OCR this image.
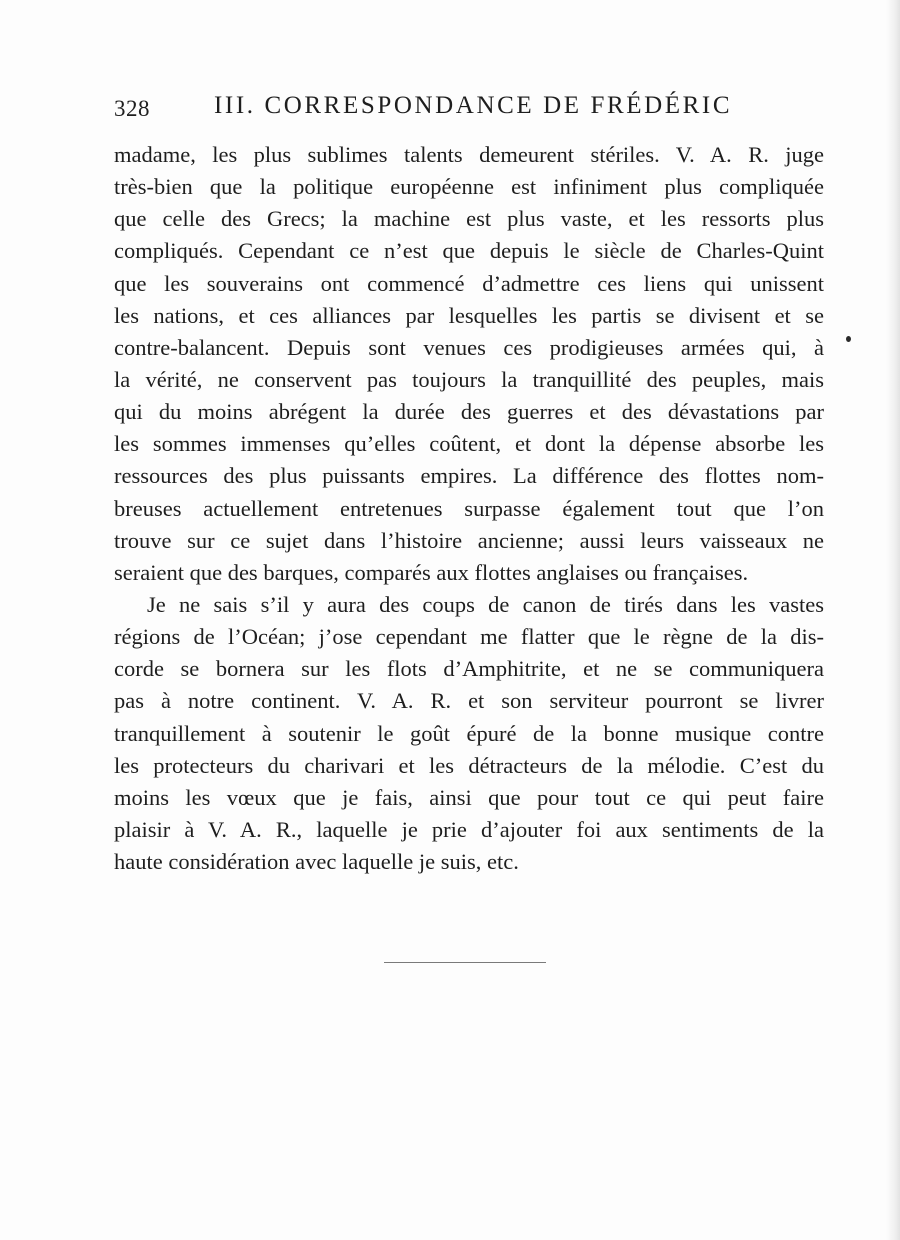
328	III. CORRESPONDANCE DE FRÉDÉRIC
madame, les plus sublimes talents demeurent stériles. V. A. R. juge
très-bien que la politique européenne est infiniment plus compliquée
que celle des Grecs; la machine est plus vaste, et les ressorts plus
compliqués. Cependant ce n’est que depuis le siècle de Charles-Quint
que les souverains ont commencé d’admettre ces liens qui unissent
les nations, et ces alliances par lesquelles les partis se divisent et se
contre-balancent. Depuis sont venues ces prodigieuses armées qui, à
la vérité, ne conservent pas toujours la tranquillité des peuples, mais
qui du moins abrégent la durée des guerres et des dévastations par
les sommes immenses qu’elles coûtent, et dont la dépense absorbe les
ressources des plus puissants empires. La différence des flottes nom-
breuses actuellement entretenues surpasse également tout que l’on
trouve sur ce sujet dans l’histoire ancienne; aussi leurs vaisseaux ne
seraient que des barques, comparés aux flottes anglaises ou françaises.
Je ne sais s’il y aura des coups de canon de tirés dans les vastes
régions de l’Océan; j’ose cependant me flatter que le règne de la dis-
corde se bornera sur les flots d’Amphitrite, et ne se communiquera
pas à notre continent. V. A. R. et son serviteur pourront se livrer
tranquillement à soutenir le goût épuré de la bonne musique contre
les protecteurs du charivari et les détracteurs de la mélodie. C’est du
moins les vœux que je fais, ainsi que pour tout ce qui peut faire
plaisir à V. A. R., laquelle je prie d’ajouter foi aux sentiments de la
haute considération avec laquelle je suis, etc.
